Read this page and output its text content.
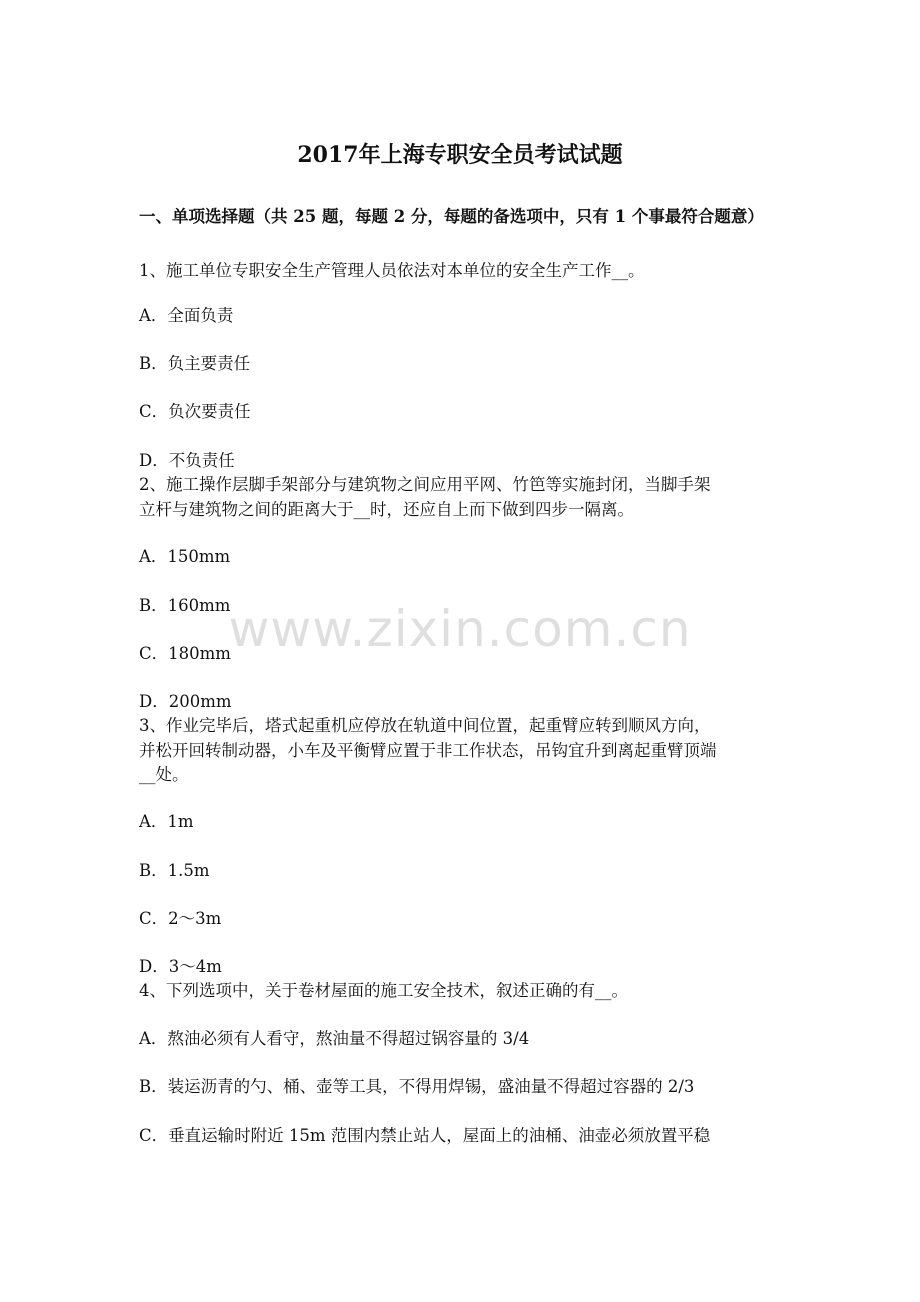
2017年上海专职安全员考试试题
一、单项选择题（共 25 题，每题 2 分，每题的备选项中，只有 1 个事最符合题意）
1、施工单位专职安全生产管理人员依法对本单位的安全生产工作__。
A．全面负责
B．负主要责任
C．负次要责任
D．不负责任
2、施工操作层脚手架部分与建筑物之间应用平网、竹笆等实施封闭，当脚手架
立杆与建筑物之间的距离大于__时，还应自上而下做到四步一隔离。
A．150mm
B．160mm
C．180mm
D．200mm
3、作业完毕后，塔式起重机应停放在轨道中间位置，起重臂应转到顺风方向，
并松开回转制动器，小车及平衡臂应置于非工作状态，吊钩宜升到离起重臂顶端
__处。
A．1m
B．1.5m
C．2～3m
D．3～4m
4、下列选项中，关于卷材屋面的施工安全技术，叙述正确的有__。
A．熬油必须有人看守，熬油量不得超过锅容量的 3/4
B．装运沥青的勺、桶、壶等工具，不得用焊锡，盛油量不得超过容器的 2/3
C．垂直运输时附近 15m 范围内禁止站人，屋面上的油桶、油壶必须放置平稳
www.zixin.com.cn
